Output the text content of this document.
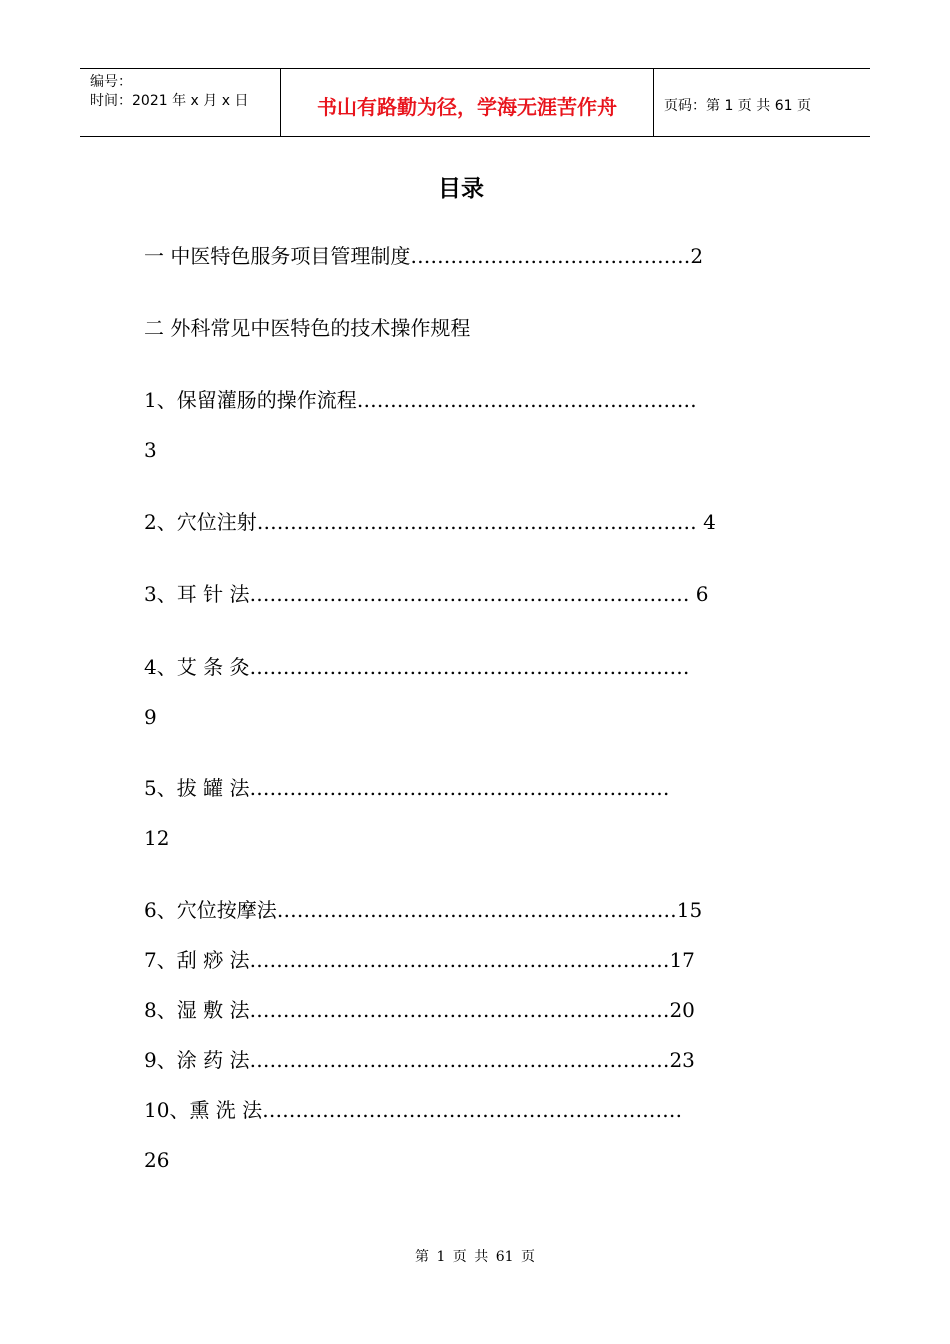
编号：
时间：2021 年 x 月 x 日	书山有路勤为径，学海无涯苦作舟	页码：第 1 页 共 61 页
目录
一 中医特色服务项目管理制度……………………………………2
二 外科常见中医特色的技术操作规程
1、保留灌肠的操作流程……………………………………………
3
2、穴位注射………………………………………………………… 4
3、耳 针 法………………………………………………………… 6
4、艾 条 灸…………………………………………………………
9
5、拔 罐 法………………………………………………………
12
6、穴位按摩法……………………………………………………15
7、刮 痧 法………………………………………………………17
8、湿 敷 法………………………………………………………20
9、涂 药 法………………………………………………………23
10、熏 洗 法………………………………………………………
26
第 1 页 共 61 页
